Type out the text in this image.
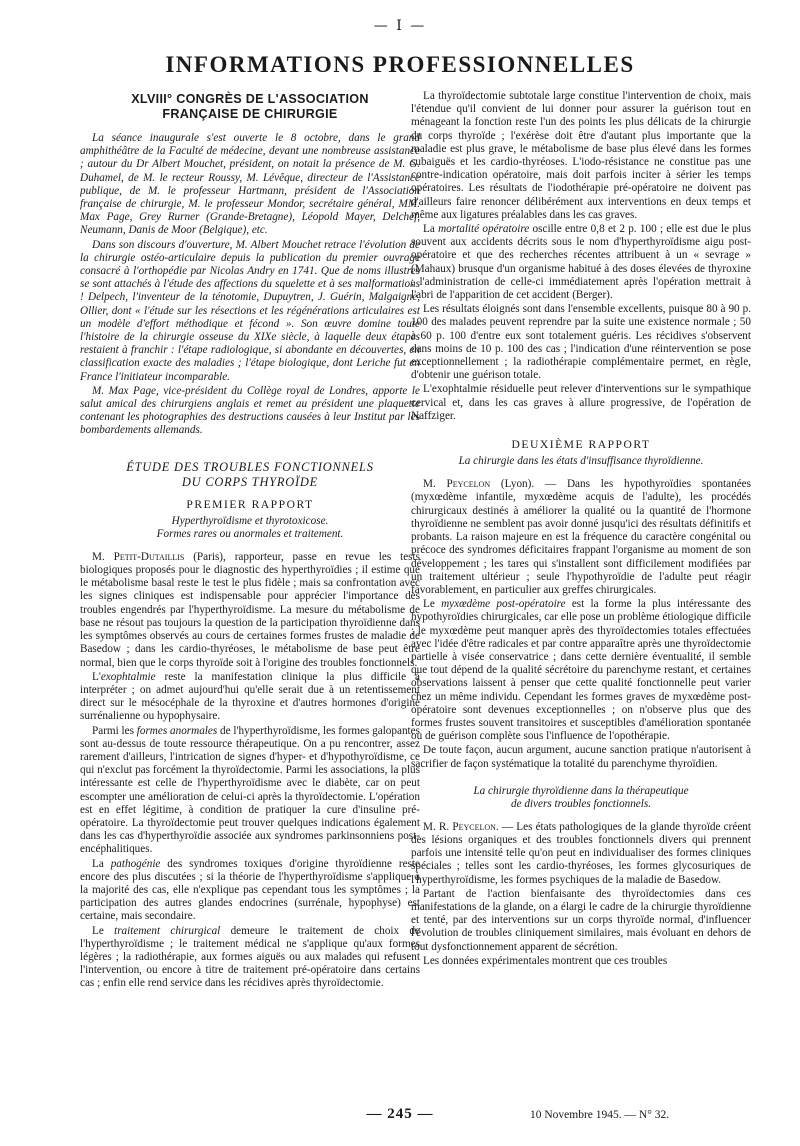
— I —
INFORMATIONS PROFESSIONNELLES
XLVIII° CONGRÈS DE L'ASSOCIATION
FRANÇAISE DE CHIRURGIE

La séance inaugurale s'est ouverte le 8 octobre, dans le grand amphithéâtre de la Faculté de médecine, devant une nombreuse assistance ; autour du Dr Albert Mouchet, président, on notait la présence de M. G. Duhamel, de M. le recteur Roussy, M. Lévêque, directeur de l'Assistance publique, de M. le professeur Hartmann, président de l'Association française de chirurgie, M. le professeur Mondor, secrétaire général, MM. Max Page, Grey Rurner (Grande-Bretagne), Léopold Mayer, Delchef, Neumann, Danis de Moor (Belgique), etc.

Dans son discours d'ouverture, M. Albert Mouchet retrace l'évolution de la chirurgie ostéo-articulaire depuis la publication du premier ouvrage consacré à l'orthopédie par Nicolas Andry en 1741. Que de noms illustres se sont attachés à l'étude des affections du squelette et à ses malformations ! Delpech, l'inventeur de la ténotomie, Dupuytren, J. Guérin, Malgaigne, Ollier, dont « l'étude sur les résections et les régénérations articulaires est un modèle d'effort méthodique et fécond ». Son œuvre domine toute l'histoire de la chirurgie osseuse du XIXe siècle, à laquelle deux étapes restaient à franchir : l'étape radiologique, si abondante en découvertes, en classification exacte des maladies ; l'étape biologique, dont Leriche fut en France l'initiateur incomparable.

M. Max Page, vice-président du Collège royal de Londres, apporte le salut amical des chirurgiens anglais et remet au président une plaquette contenant les photographies des destructions causées à leur Institut par les bombardements allemands.

ÉTUDE DES TROUBLES FONCTIONNELS
DU CORPS THYROÏDE
PREMIER RAPPORT
Hyperthyroïdisme et thyrotoxicose.
Formes rares ou anormales et traitement.

M. Petit-Dutaillis (Paris), rapporteur, passe en revue les tests biologiques proposés pour le diagnostic des hyperthyroïdies ; il estime que le métabolisme basal reste le test le plus fidèle ; mais sa confrontation avec les signes cliniques est indispensable pour apprécier l'importance des troubles engendrés par l'hyperthyroïdisme. La mesure du métabolisme de base ne résout pas toujours la question de la participation thyroïdienne dans les symptômes observés au cours de certaines formes frustes de maladie de Basedow ; dans les cardio-thyréoses, le métabolisme de base peut être normal, bien que le corps thyroïde soit à l'origine des troubles fonctionnels.

L'exophtalmie reste la manifestation clinique la plus difficile à interpréter ; on admet aujourd'hui qu'elle serait due à un retentissement direct sur le mésocéphale de la thyroxine et d'autres hormones d'origine surrénalienne ou hypophysaire.

Parmi les formes anormales de l'hyperthyroïdisme, les formes galopantes sont au-dessus de toute ressource thérapeutique. On a pu rencontrer, assez rarement d'ailleurs, l'intrication de signes d'hyper- et d'hypothyroïdisme, ce qui n'exclut pas forcément la thyroïdectomie. Parmi les associations, la plus intéressante est celle de l'hyperthyroïdisme avec le diabète, car on peut escompter une amélioration de celui-ci après la thyroïdectomie. L'opération est en effet légitime, à condition de pratiquer la cure d'insuline pré-opératoire. La thyroïdectomie peut trouver quelques indications également dans les cas d'hyperthyroïdie associée aux syndromes parkinsonniens post-encéphalitiques.

La pathogénie des syndromes toxiques d'origine thyroïdienne reste encore des plus discutées ; si la théorie de l'hyperthyroïdisme s'applique à la majorité des cas, elle n'explique pas cependant tous les symptômes ; la participation des autres glandes endocrines (surrénale, hypophyse) est certaine, mais secondaire.

Le traitement chirurgical demeure le traitement de choix de l'hyperthyroïdisme ; le traitement médical ne s'applique qu'aux formes légères ; la radiothérapie, aux formes aiguës ou aux malades qui refusent l'intervention, ou encore à titre de traitement pré-opératoire dans certains cas ; enfin elle rend service dans les récidives après thyroïdectomie.

La thyroïdectomie subtotale large constitue l'intervention de choix, mais l'étendue qu'il convient de lui donner pour assurer la guérison tout en ménageant la fonction reste l'un des points les plus délicats de la chirurgie du corps thyroïde ; l'exérèse doit être d'autant plus importante que la maladie est plus grave, le métabolisme de base plus élevé dans les formes subaiguës et les cardio-thyréoses. L'iodo-résistance ne constitue pas une contre-indication opératoire, mais doit parfois inciter à sérier les temps opératoires. Les résultats de l'iodothérapie pré-opératoire ne doivent pas d'ailleurs faire renoncer délibérément aux interventions en deux temps et même aux ligatures préalables dans les cas graves.

La mortalité opératoire oscille entre 0,8 et 2 p. 100 ; elle est due le plus souvent aux accidents décrits sous le nom d'hyperthyroïdisme aigu post-opératoire et que des recherches récentes attribuent à un « sevrage » (Mahaux) brusque d'un organisme habitué à des doses élevées de thyroxine ; l'administration de celle-ci immédiatement après l'opération mettrait à l'abri de l'apparition de cet accident (Berger).

Les résultats éloignés sont dans l'ensemble excellents, puisque 80 à 90 p. 100 des malades peuvent reprendre par la suite une existence normale ; 50 à 60 p. 100 d'entre eux sont totalement guéris. Les récidives s'observent dans moins de 10 p. 100 des cas ; l'indication d'une réintervention se pose exceptionnellement ; la radiothérapie complémentaire permet, en règle, d'obtenir une guérison totale.

L'exophtalmie résiduelle peut relever d'interventions sur le sympathique cervical et, dans les cas graves à allure progressive, de l'opération de Naffziger.

DEUXIÈME RAPPORT
La chirurgie dans les états d'insuffisance thyroïdienne.

M. Peycelon (Lyon). — Dans les hypothyroïdies spontanées (myxœdème infantile, myxœdème acquis de l'adulte), les procédés chirurgicaux destinés à améliorer la qualité ou la quantité de l'hormone thyroïdienne ne semblent pas avoir donné jusqu'ici des résultats définitifs et probants. La raison majeure en est la fréquence du caractère congénital ou précoce des syndromes déficitaires frappant l'organisme au moment de son développement ; les tares qui s'installent sont difficilement modifiées par un traitement ultérieur ; seule l'hypothyroïdie de l'adulte peut réagir favorablement, en particulier aux greffes chirurgicales.

Le myxœdème post-opératoire est la forme la plus intéressante des hypothyroïdies chirurgicales, car elle pose un problème étiologique difficile ; le myxœdème peut manquer après des thyroïdectomies totales effectuées avec l'idée d'être radicales et par contre apparaître après une thyroïdectomie partielle à visée conservatrice ; dans cette dernière éventualité, il semble que tout dépend de la qualité sécrétoire du parenchyme restant, et certaines observations laissent à penser que cette qualité fonctionnelle peut varier chez un même individu. Cependant les formes graves de myxœdème post-opératoire sont devenues exceptionnelles ; on n'observe plus que des formes frustes souvent transitoires et susceptibles d'amélioration spontanée ou de guérison complète sous l'influence de l'opothérapie.

De toute façon, aucun argument, aucune sanction pratique n'autorisent à sacrifier de façon systématique la totalité du parenchyme thyroïdien.

La chirurgie thyroïdienne dans la thérapeutique
de divers troubles fonctionnels.

M. R. Peycelon. — Les états pathologiques de la glande thyroïde créent des lésions organiques et des troubles fonctionnels divers qui prennent parfois une intensité telle qu'on peut en individualiser des formes cliniques spéciales ; telles sont les cardio-thyréoses, les formes glycosuriques de l'hyperthyroïdisme, les formes psychiques de la maladie de Basedow.

Partant de l'action bienfaisante des thyroïdectomies dans ces manifestations de la glande, on a élargi le cadre de la chirurgie thyroïdienne et tenté, par des interventions sur un corps thyroïde normal, d'influencer l'évolution de troubles cliniquement similaires, mais évoluant en dehors de tout dysfonctionnement apparent de sécrétion.

Les données expérimentales montrent que ces troubles

— 245 —	10 Novembre 1945. — N° 32.
